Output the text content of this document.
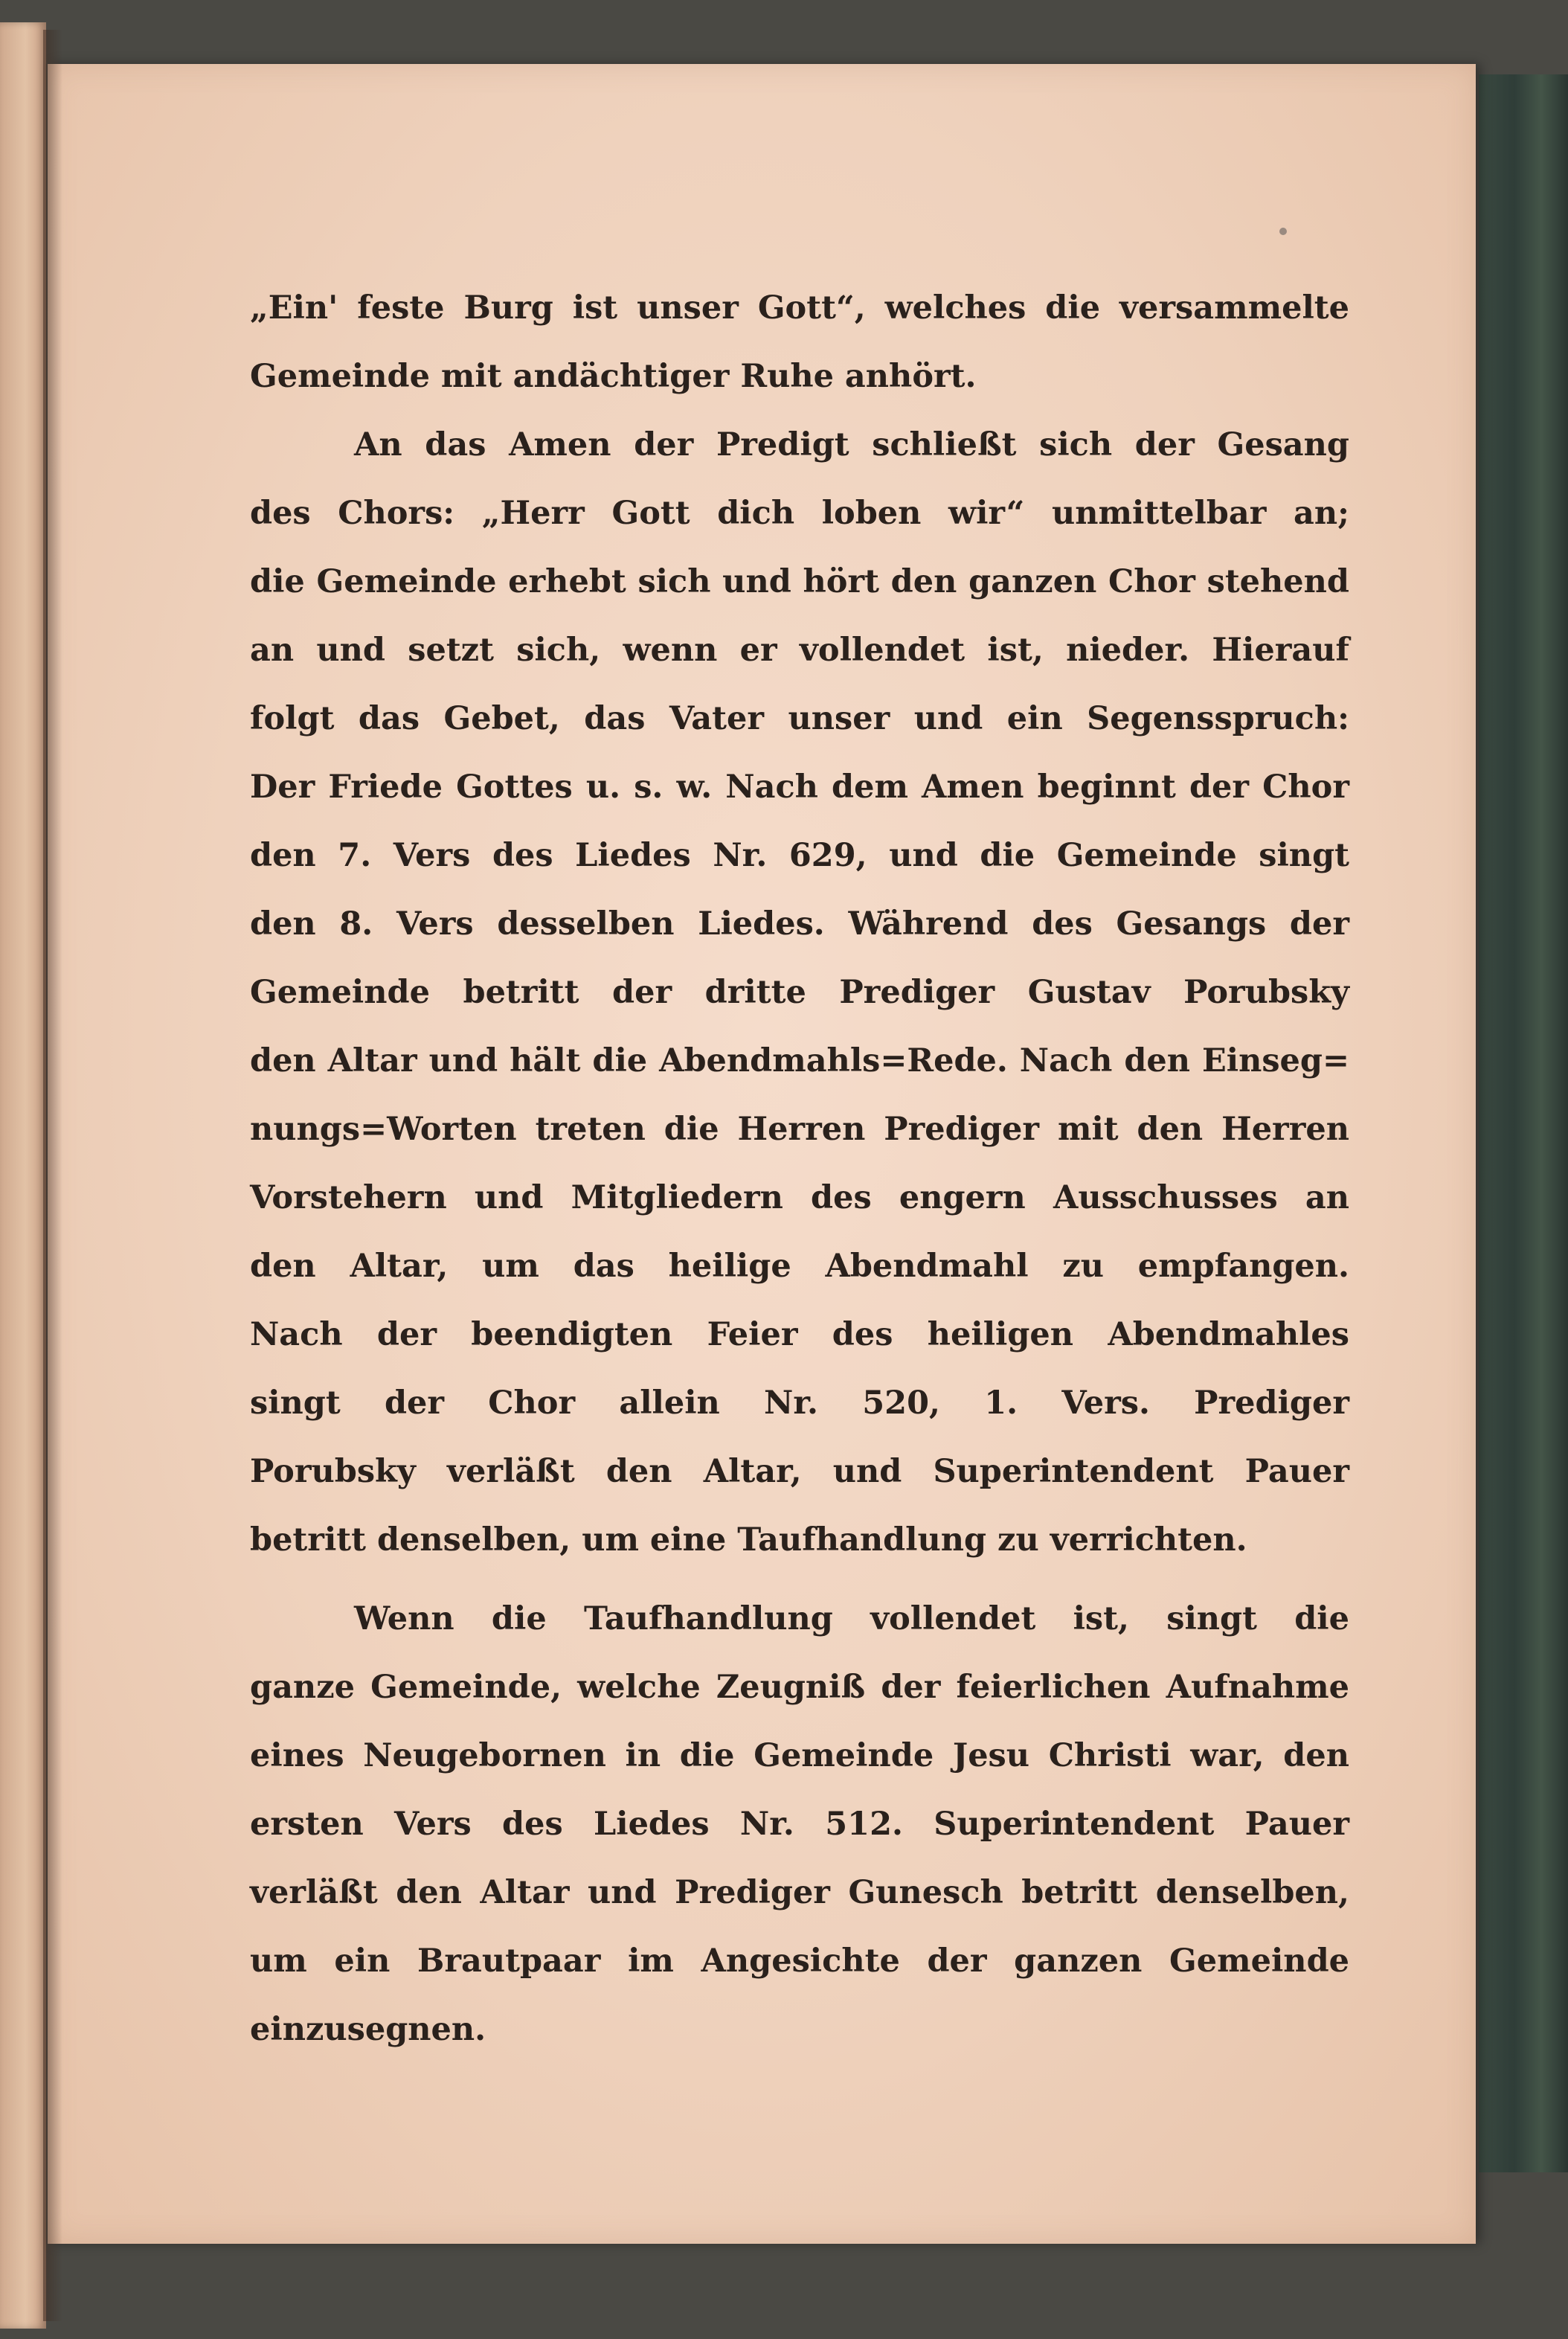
„Ein' feste Burg ist unser Gott“, welches die versammelte
Gemeinde mit andächtiger Ruhe anhört.
An das Amen der Predigt schließt sich der Gesang
des Chors: „Herr Gott dich loben wir“ unmittelbar an;
die Gemeinde erhebt sich und hört den ganzen Chor stehend
an und setzt sich, wenn er vollendet ist, nieder. Hierauf
folgt das Gebet, das Vater unser und ein Segensspruch:
Der Friede Gottes u. s. w. Nach dem Amen beginnt der Chor
den 7. Vers des Liedes Nr. 629, und die Gemeinde singt
den 8. Vers desselben Liedes. Während des Gesangs der
Gemeinde betritt der dritte Prediger Gustav Porubsky
den Altar und hält die Abendmahls=Rede. Nach den Einseg=
nungs=Worten treten die Herren Prediger mit den Herren
Vorstehern und Mitgliedern des engern Ausschusses an
den Altar, um das heilige Abendmahl zu empfangen.
Nach der beendigten Feier des heiligen Abendmahles
singt der Chor allein Nr. 520, 1. Vers. Prediger
Porubsky verläßt den Altar, und Superintendent Pauer
betritt denselben, um eine Taufhandlung zu verrichten.
Wenn die Taufhandlung vollendet ist, singt die
ganze Gemeinde, welche Zeugniß der feierlichen Aufnahme
eines Neugebornen in die Gemeinde Jesu Christi war, den
ersten Vers des Liedes Nr. 512. Superintendent Pauer
verläßt den Altar und Prediger Gunesch betritt denselben,
um ein Brautpaar im Angesichte der ganzen Gemeinde
einzusegnen.
